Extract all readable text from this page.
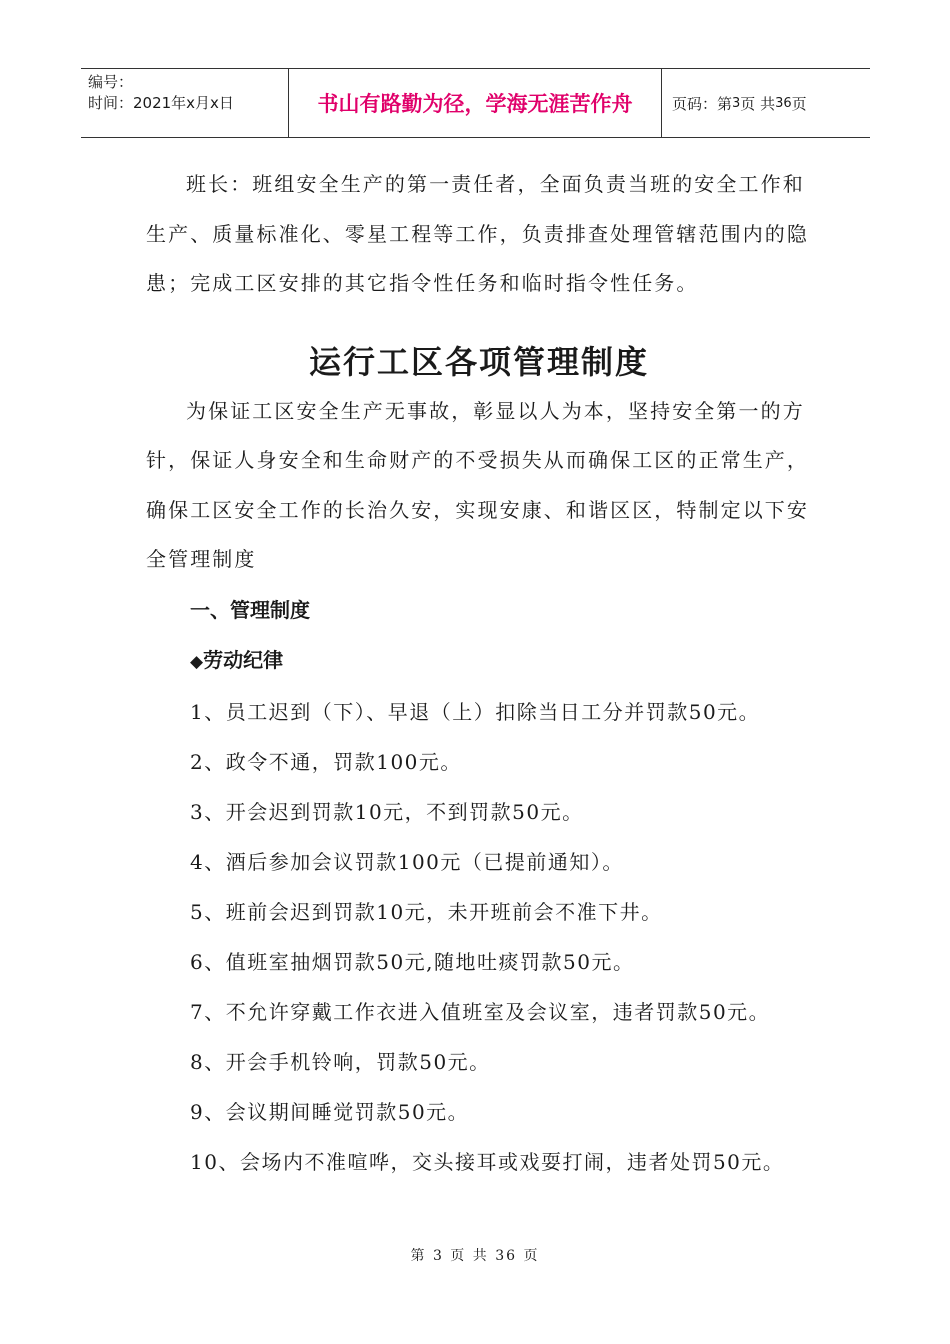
编号：
时间：2021年x月x日	书山有路勤为径，学海无涯苦作舟	页码：第 3 页 共 36 页

班长：班组安全生产的第一责任者，全面负责当班的安全工作和生产、质量标准化、零星工程等工作，负责排查处理管辖范围内的隐患；完成工区安排的其它指令性任务和临时指令性任务。

运行工区各项管理制度

为保证工区安全生产无事故，彰显以人为本，坚持安全第一的方针，保证人身安全和生命财产的不受损失从而确保工区的正常生产，确保工区安全工作的长治久安，实现安康、和谐区区，特制定以下安全管理制度

一、管理制度

◆劳动纪律

1、员工迟到（下）、早退（上）扣除当日工分并罚款50元。

2、政令不通，罚款100元。

3、开会迟到罚款10元，不到罚款50元。

4、酒后参加会议罚款100元（已提前通知）。

5、班前会迟到罚款10元，未开班前会不准下井。

6、值班室抽烟罚款50元,随地吐痰罚款50元。

7、不允许穿戴工作衣进入值班室及会议室，违者罚款50元。

8、开会手机铃响，罚款50元。

9、会议期间睡觉罚款50元。

10、会场内不准喧哗，交头接耳或戏耍打闹，违者处罚50元。

第 3 页 共 36 页
